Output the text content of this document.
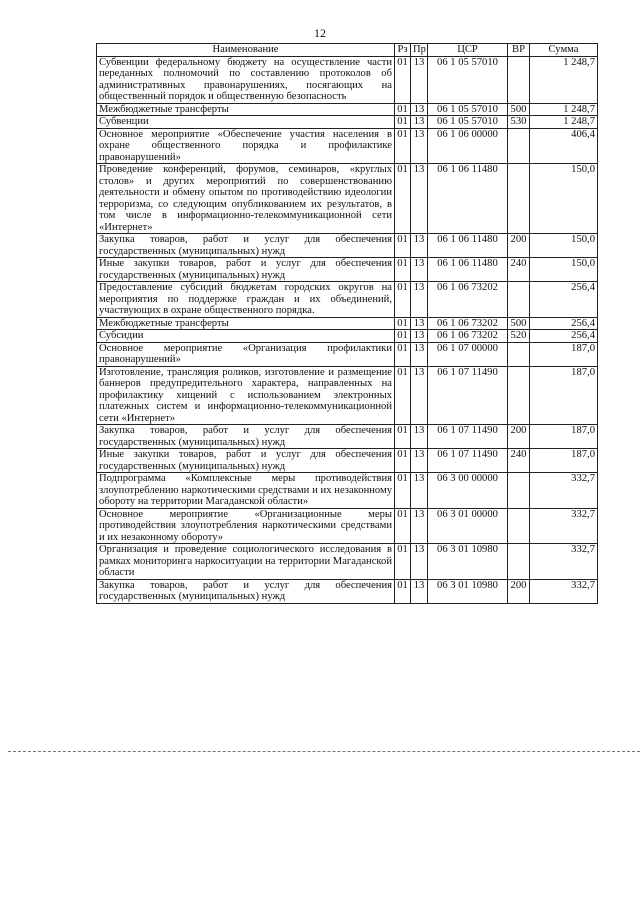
12
Наименование	Рз	Пр	ЦСР	ВР	Сумма
Субвенции федеральному бюджету на осуществление части переданных полномочий по составлению протоколов об административных правонарушениях, посягающих на общественный порядок и общественную безопасность	01	13	06 1 05 57010		1 248,7
Межбюджетные трансферты	01	13	06 1 05 57010	500	1 248,7
Субвенции	01	13	06 1 05 57010	530	1 248,7
Основное мероприятие «Обеспечение участия населения в охране общественного порядка и профилактике правонарушений»	01	13	06 1 06 00000		406,4
Проведение конференций, форумов, семинаров, «круглых столов» и других мероприятий по совершенствованию деятельности и обмену опытом по противодействию идеологии терроризма, со следующим опубликованием их результатов, в том числе в информационно-телекоммуникационной сети «Интернет»	01	13	06 1 06 11480		150,0
Закупка товаров, работ и услуг для обеспечения государственных (муниципальных) нужд	01	13	06 1 06 11480	200	150,0
Иные закупки товаров, работ и услуг для обеспечения государственных (муниципальных) нужд	01	13	06 1 06 11480	240	150,0
Предоставление субсидий бюджетам городских округов на мероприятия по поддержке граждан и их объединений, участвующих в охране общественного порядка.	01	13	06 1 06 73202		256,4
Межбюджетные трансферты	01	13	06 1 06 73202	500	256,4
Субсидии	01	13	06 1 06 73202	520	256,4
Основное мероприятие «Организация профилактики правонарушений»	01	13	06 1 07 00000		187,0
Изготовление, трансляция роликов, изготовление и размещение баннеров предупредительного характера, направленных на профилактику хищений с использованием электронных платежных систем и информационно-телекоммуникационной сети «Интернет»	01	13	06 1 07 11490		187,0
Закупка товаров, работ и услуг для обеспечения государственных (муниципальных) нужд	01	13	06 1 07 11490	200	187,0
Иные закупки товаров, работ и услуг для обеспечения государственных (муниципальных) нужд	01	13	06 1 07 11490	240	187,0
Подпрограмма «Комплексные меры противодействия злоупотреблению наркотическими средствами и их незаконному обороту на территории Магаданской области»	01	13	06 3 00 00000		332,7
Основное мероприятие «Организационные меры противодействия злоупотребления наркотическими средствами и их незаконному обороту»	01	13	06 3 01 00000		332,7
Организация и проведение социологического исследования в рамках мониторинга наркоситуации на территории Магаданской области	01	13	06 3 01 10980		332,7
Закупка товаров, работ и услуг для обеспечения государственных (муниципальных) нужд	01	13	06 3 01 10980	200	332,7
